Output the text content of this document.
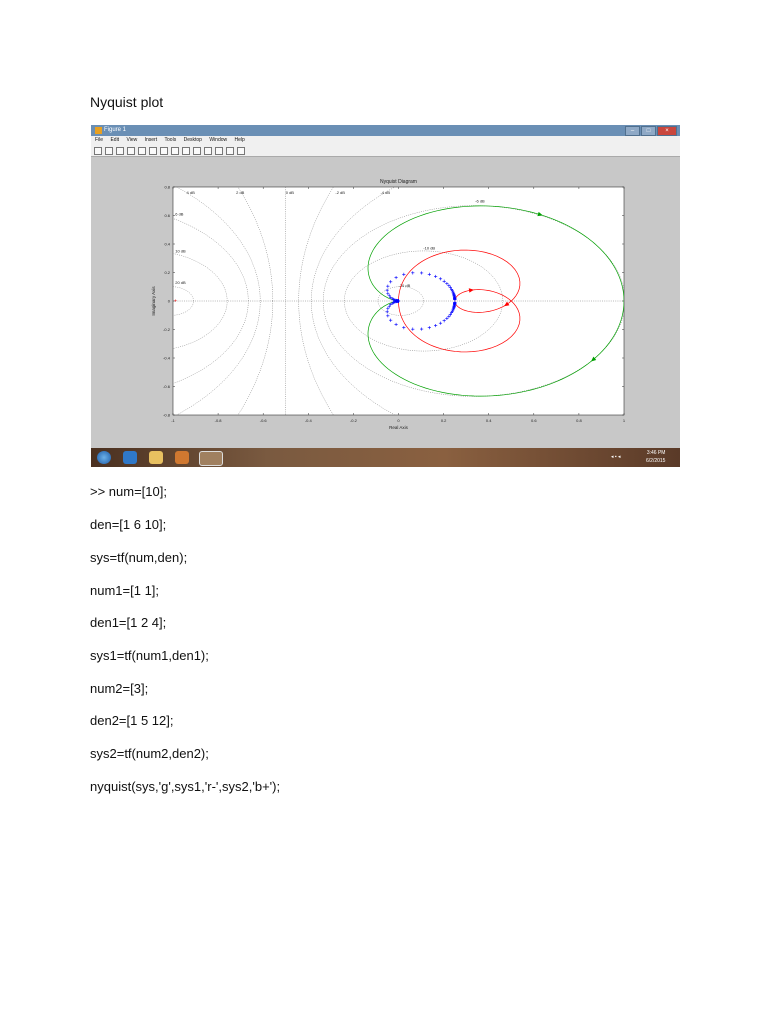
Nyquist plot
Figure 1	–	□	×
File Edit View Insert Tools Desktop Window Help
4 dB	2 dB	0 dB	-2 dB	-4 dB
-6 dB
6 dB
10 dB
20 dB
-10 dB
-20 dB
-1	-0.8	-0.6	-0.4	-0.2	0	0.2	0.4	0.6	0.8	1
0.8
0.6
0.4
0.2
0
-0.2
-0.4
-0.6
-0.8
Nyquist Diagram
Real Axis
Imaginary Axis	+
◂ ▪ ◂
3:46 PM
6/2/2015
>> num=[10];
den=[1 6 10];
sys=tf(num,den);
num1=[1 1];
den1=[1 2 4];
sys1=tf(num1,den1);
num2=[3];
den2=[1 5 12];
sys2=tf(num2,den2);
nyquist(sys,'g',sys1,'r-',sys2,'b+');
